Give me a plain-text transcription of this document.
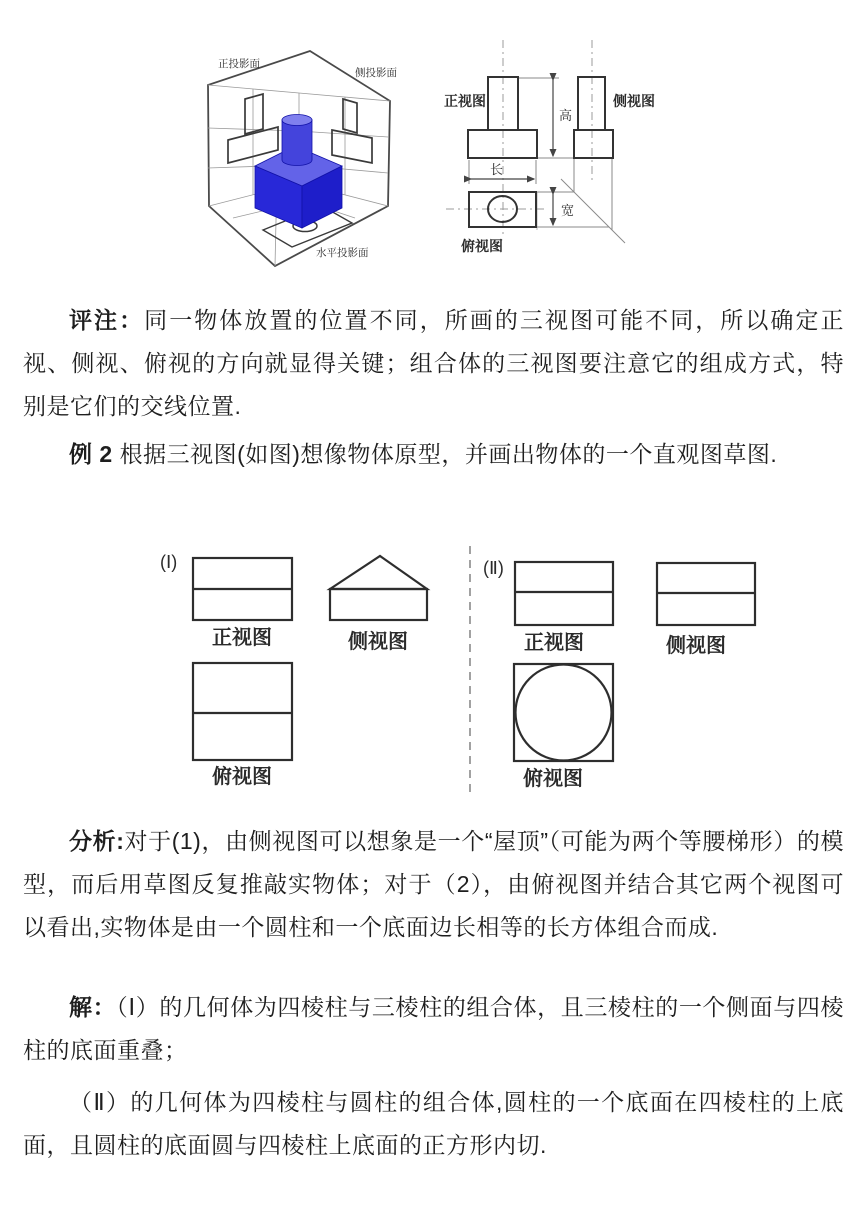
正投影面
侧投影面
水平投影面
高
长
宽
正视图	侧视图
俯视图
评注：同一物体放置的位置不同，所画的三视图可能不同，所以确定正视、侧视、俯视的方向就显得关键；组合体的三视图要注意它的组成方式，特别是它们的交线位置.
例 2 根据三视图(如图)想像物体原型，并画出物体的一个直观图草图.
(Ⅰ)
正视图	侧视图
俯视图
(Ⅱ)
正视图	侧视图
俯视图
分析:对于(1)，由侧视图可以想象是一个“屋顶”（可能为两个等腰梯形）的模型，而后用草图反复推敲实物体；对于（2），由俯视图并结合其它两个视图可以看出,实物体是由一个圆柱和一个底面边长相等的长方体组合而成.
解：（Ⅰ）的几何体为四棱柱与三棱柱的组合体，且三棱柱的一个侧面与四棱柱的底面重叠；
（Ⅱ）的几何体为四棱柱与圆柱的组合体,圆柱的一个底面在四棱柱的上底面，且圆柱的底面圆与四棱柱上底面的正方形内切.
